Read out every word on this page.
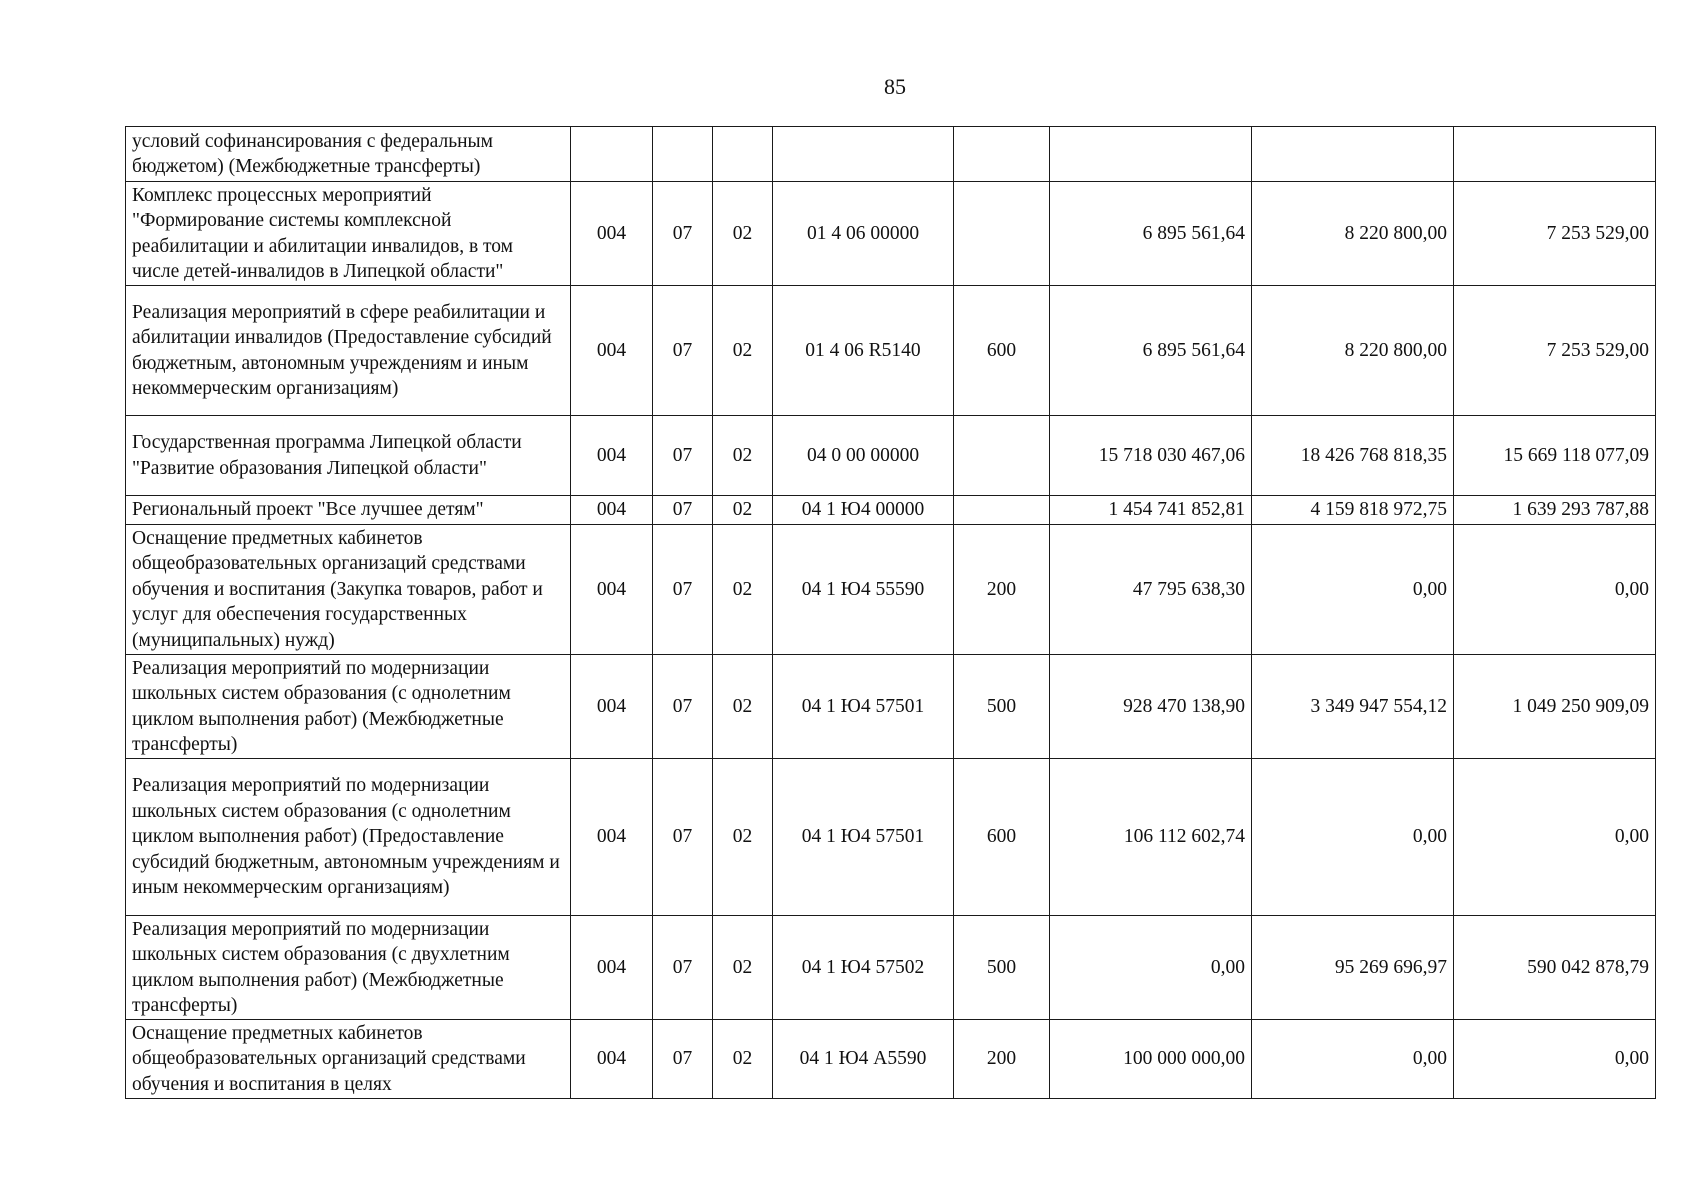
85
условий софинансирования с федеральным бюджетом) (Межбюджетные трансферты)								
Комплекс процессных мероприятий "Формирование системы комплексной реабилитации и абилитации инвалидов, в том числе детей-инвалидов в Липецкой области"	004	07	02	01 4 06 00000		6 895 561,64	8 220 800,00	7 253 529,00
Реализация мероприятий в сфере реабилитации и абилитации инвалидов (Предоставление субсидий бюджетным, автономным учреждениям и иным некоммерческим организациям)	004	07	02	01 4 06 R5140	600	6 895 561,64	8 220 800,00	7 253 529,00
Государственная программа Липецкой области "Развитие образования Липецкой области"	004	07	02	04 0 00 00000		15 718 030 467,06	18 426 768 818,35	15 669 118 077,09
Региональный проект "Все лучшее детям"	004	07	02	04 1 Ю4 00000		1 454 741 852,81	4 159 818 972,75	1 639 293 787,88
Оснащение предметных кабинетов общеобразовательных организаций средствами обучения и воспитания (Закупка товаров, работ и услуг для обеспечения государственных (муниципальных) нужд)	004	07	02	04 1 Ю4 55590	200	47 795 638,30	0,00	0,00
Реализация мероприятий по модернизации школьных систем образования (с однолетним циклом выполнения работ) (Межбюджетные трансферты)	004	07	02	04 1 Ю4 57501	500	928 470 138,90	3 349 947 554,12	1 049 250 909,09
Реализация мероприятий по модернизации школьных систем образования (с однолетним циклом выполнения работ) (Предоставление субсидий бюджетным, автономным учреждениям и иным некоммерческим организациям)	004	07	02	04 1 Ю4 57501	600	106 112 602,74	0,00	0,00
Реализация мероприятий по модернизации школьных систем образования (с двухлетним циклом выполнения работ) (Межбюджетные трансферты)	004	07	02	04 1 Ю4 57502	500	0,00	95 269 696,97	590 042 878,79
Оснащение предметных кабинетов общеобразовательных организаций средствами обучения и воспитания в целях	004	07	02	04 1 Ю4 А5590	200	100 000 000,00	0,00	0,00
